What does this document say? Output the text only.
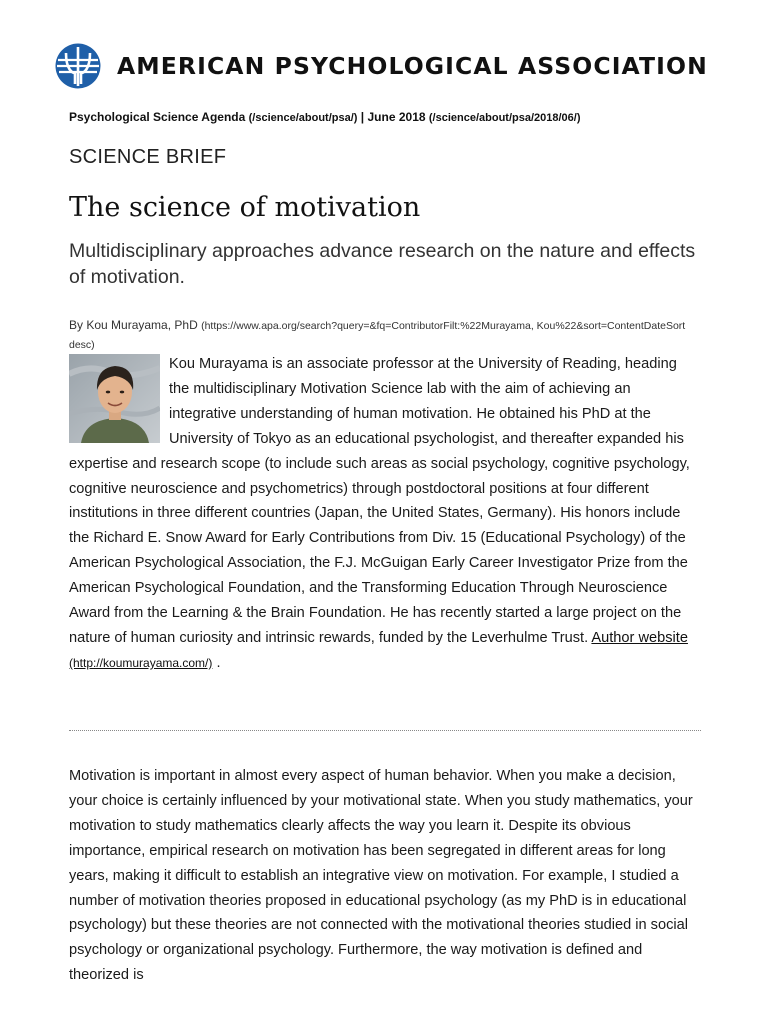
AMERICAN PSYCHOLOGICAL ASSOCIATION
Psychological Science Agenda (/science/about/psa/) | June 2018 (/science/about/psa/2018/06/)
SCIENCE BRIEF
The science of motivation
Multidisciplinary approaches advance research on the nature and effects of motivation.
By Kou Murayama, PhD (https://www.apa.org/search?query=&fq=ContributorFilt:%22Murayama, Kou%22&sort=ContentDateSort desc)
Kou Murayama is an associate professor at the University of Reading, heading the multidisciplinary Motivation Science lab with the aim of achieving an integrative understanding of human motivation. He obtained his PhD at the University of Tokyo as an educational psychologist, and thereafter expanded his expertise and research scope (to include such areas as social psychology, cognitive psychology, cognitive neuroscience and psychometrics) through postdoctoral positions at four different institutions in three different countries (Japan, the United States, Germany). His honors include the Richard E. Snow Award for Early Contributions from Div. 15 (Educational Psychology) of the American Psychological Association, the F.J. McGuigan Early Career Investigator Prize from the American Psychological Foundation, and the Transforming Education Through Neuroscience Award from the Learning & the Brain Foundation. He has recently started a large project on the nature of human curiosity and intrinsic rewards, funded by the Leverhulme Trust. Author website (http://koumurayama.com/) .
Motivation is important in almost every aspect of human behavior. When you make a decision, your choice is certainly influenced by your motivational state. When you study mathematics, your motivation to study mathematics clearly affects the way you learn it. Despite its obvious importance, empirical research on motivation has been segregated in different areas for long years, making it difficult to establish an integrative view on motivation. For example, I studied a number of motivation theories proposed in educational psychology (as my PhD is in educational psychology) but these theories are not connected with the motivational theories studied in social psychology or organizational psychology. Furthermore, the way motivation is defined and theorized is
